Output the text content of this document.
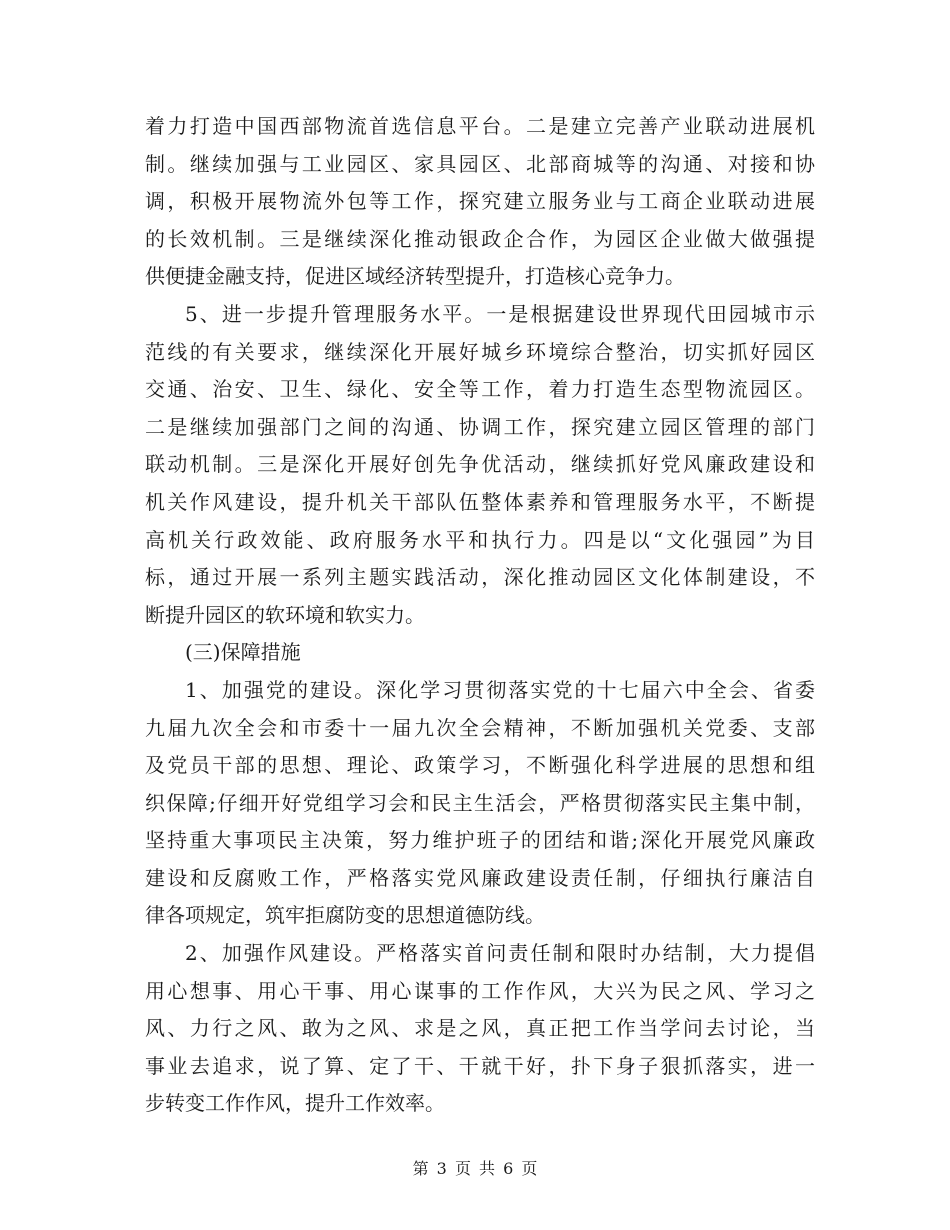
着力打造中国西部物流首选信息平台。二是建立完善产业联动进展机
制。继续加强与工业园区、家具园区、北部商城等的沟通、对接和协
调，积极开展物流外包等工作，探究建立服务业与工商企业联动进展
的长效机制。三是继续深化推动银政企合作，为园区企业做大做强提
供便捷金融支持，促进区域经济转型提升，打造核心竞争力。
5、进一步提升管理服务水平。一是根据建设世界现代田园城市示
范线的有关要求，继续深化开展好城乡环境综合整治，切实抓好园区
交通、治安、卫生、绿化、安全等工作，着力打造生态型物流园区。
二是继续加强部门之间的沟通、协调工作，探究建立园区管理的部门
联动机制。三是深化开展好创先争优活动，继续抓好党风廉政建设和
机关作风建设，提升机关干部队伍整体素养和管理服务水平，不断提
高机关行政效能、政府服务水平和执行力。四是以“文化强园”为目
标，通过开展一系列主题实践活动，深化推动园区文化体制建设，不
断提升园区的软环境和软实力。
(三)保障措施
1、加强党的建设。深化学习贯彻落实党的十七届六中全会、省委
九届九次全会和市委十一届九次全会精神，不断加强机关党委、支部
及党员干部的思想、理论、政策学习，不断强化科学进展的思想和组
织保障;仔细开好党组学习会和民主生活会，严格贯彻落实民主集中制，
坚持重大事项民主决策，努力维护班子的团结和谐;深化开展党风廉政
建设和反腐败工作，严格落实党风廉政建设责任制，仔细执行廉洁自
律各项规定，筑牢拒腐防变的思想道德防线。
2、加强作风建设。严格落实首问责任制和限时办结制，大力提倡
用心想事、用心干事、用心谋事的工作作风，大兴为民之风、学习之
风、力行之风、敢为之风、求是之风，真正把工作当学问去讨论，当
事业去追求，说了算、定了干、干就干好，扑下身子狠抓落实，进一
步转变工作作风，提升工作效率。
第 3 页 共 6 页
